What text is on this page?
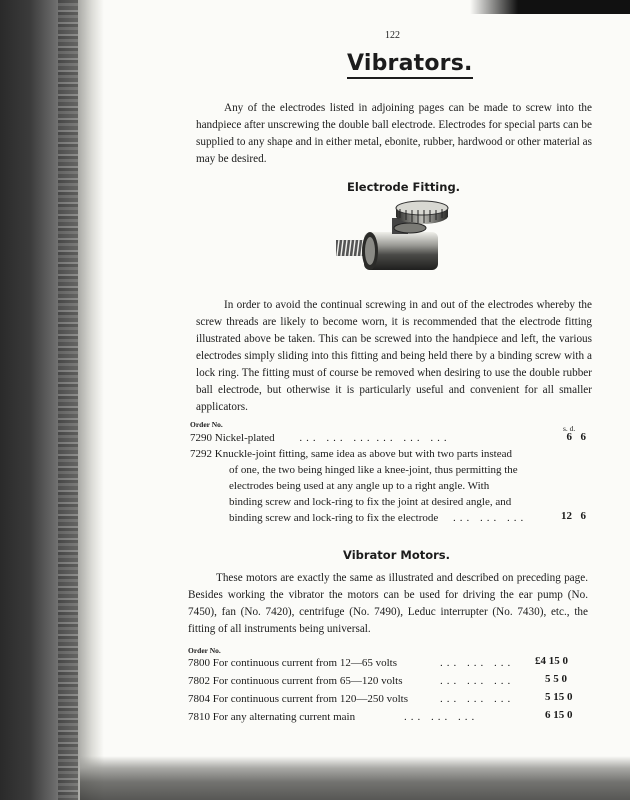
122
Vibrators.
Any of the electrodes listed in adjoining pages can be made to screw into the handpiece after unscrewing the double ball electrode. Electrodes for special parts can be supplied to any shape and in either metal, ebonite, rubber, hardwood or other material as may be desired.
Electrode Fitting.
In order to avoid the continual screwing in and out of the electrodes whereby the screw threads are likely to become worn, it is recommended that the electrode fitting illustrated above be taken. This can be screwed into the handpiece and left, the various electrodes simply sliding into this fitting and being held there by a binding screw with a lock ring. The fitting must of course be removed when desiring to use the double rubber ball electrode, but otherwise it is particularly useful and convenient for all smaller applicators.
Order No.	s. d.
7290 Nickel-plated ... ... ... ... ... ...	6 6
7292 Knuckle-joint fitting, same idea as above but with two parts instead
of one, the two being hinged like a knee-joint, thus permitting the
electrodes being used at any angle up to a right angle. With
binding screw and lock-ring to fix the joint at desired angle, and
binding screw and lock-ring to fix the electrode ... ... ...	12 6
Vibrator Motors.
These motors are exactly the same as illustrated and described on preceding page. Besides working the vibrator the motors can be used for driving the ear pump (No. 7450), fan (No. 7420), centrifuge (No. 7490), Leduc interrupter (No. 7430), etc., the fitting of all instruments being universal.
Order No.
7800 For continuous current from 12—65 volts	... ... ... £4 15 0
7802 For continuous current from 65—120 volts	... ... ...	5 5 0
7804 For continuous current from 120—250 volts	... ... ...	5 15 0
7810 For any alternating current main	... ... ...	6 15 0
